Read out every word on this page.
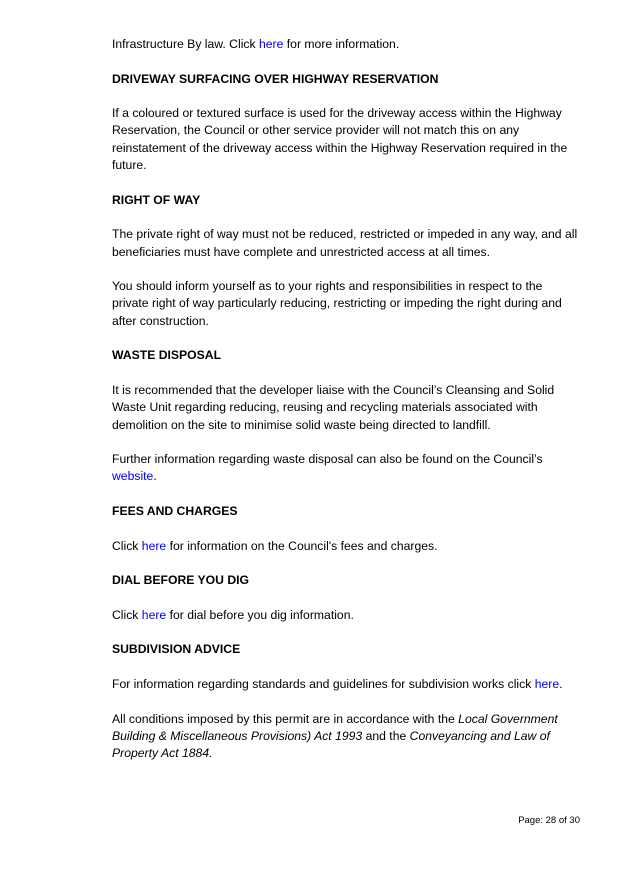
Infrastructure By law. Click here for more information.

DRIVEWAY SURFACING OVER HIGHWAY RESERVATION

If a coloured or textured surface is used for the driveway access within the Highway Reservation, the Council or other service provider will not match this on any reinstatement of the driveway access within the Highway Reservation required in the future.

RIGHT OF WAY

The private right of way must not be reduced, restricted or impeded in any way, and all beneficiaries must have complete and unrestricted access at all times.

You should inform yourself as to your rights and responsibilities in respect to the private right of way particularly reducing, restricting or impeding the right during and after construction.

WASTE DISPOSAL

It is recommended that the developer liaise with the Council’s Cleansing and Solid Waste Unit regarding reducing, reusing and recycling materials associated with demolition on the site to minimise solid waste being directed to landfill.

Further information regarding waste disposal can also be found on the Council’s website.

FEES AND CHARGES

Click here for information on the Council's fees and charges.

DIAL BEFORE YOU DIG

Click here for dial before you dig information.

SUBDIVISION ADVICE

For information regarding standards and guidelines for subdivision works click here.

All conditions imposed by this permit are in accordance with the Local Government Building & Miscellaneous Provisions) Act 1993 and the Conveyancing and Law of Property Act 1884.

Page: 28 of 30
